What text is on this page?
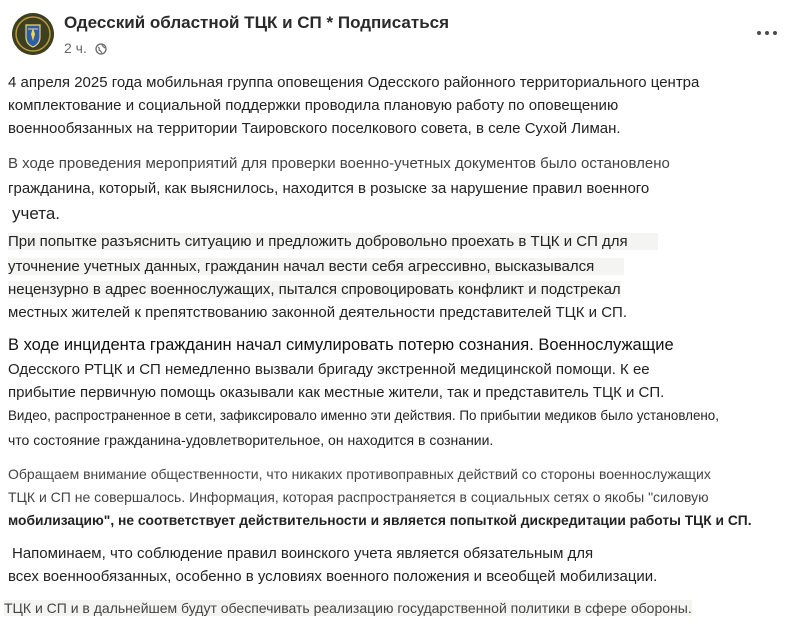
Одесский областной ТЦК и СП * Подписаться
2 ч.
4 апреля 2025 года мобильная группа оповещения Одесского районного территориального центра
комплектование и социальной поддержки проводила плановую работу по оповещению
военнообязанных на территории Таировского поселкового совета, в селе Сухой Лиман.
В ходе проведения мероприятий для проверки военно-учетных документов было остановлено
гражданина, который, как выяснилось, находится в розыске за нарушение правил военного
учета.
При попытке разъяснить ситуацию и предложить добровольно проехать в ТЦК и СП для
уточнение учетных данных, гражданин начал вести себя агрессивно, высказывался
нецензурно в адрес военнослужащих, пытался спровоцировать конфликт и подстрекал
местных жителей к препятствованию законной деятельности представителей ТЦК и СП.
В ходе инцидента гражданин начал симулировать потерю сознания. Военнослужащие
Одесского РТЦК и СП немедленно вызвали бригаду экстренной медицинской помощи. К ее
прибытие первичную помощь оказывали как местные жители, так и представитель ТЦК и СП.
Видео, распространенное в сети, зафиксировало именно эти действия. По прибытии медиков было установлено,
что состояние гражданина-удовлетворительное, он находится в сознании.
Обращаем внимание общественности, что никаких противоправных действий со стороны военнослужащих
ТЦК и СП не совершалось. Информация, которая распространяется в социальных сетях о якобы "силовую
мобилизацию", не соответствует действительности и является попыткой дискредитации работы ТЦК и СП.
Напоминаем, что соблюдение правил воинского учета является обязательным для
всех военнообязанных, особенно в условиях военного положения и всеобщей мобилизации.
ТЦК и СП и в дальнейшем будут обеспечивать реализацию государственной политики в сфере обороны.
